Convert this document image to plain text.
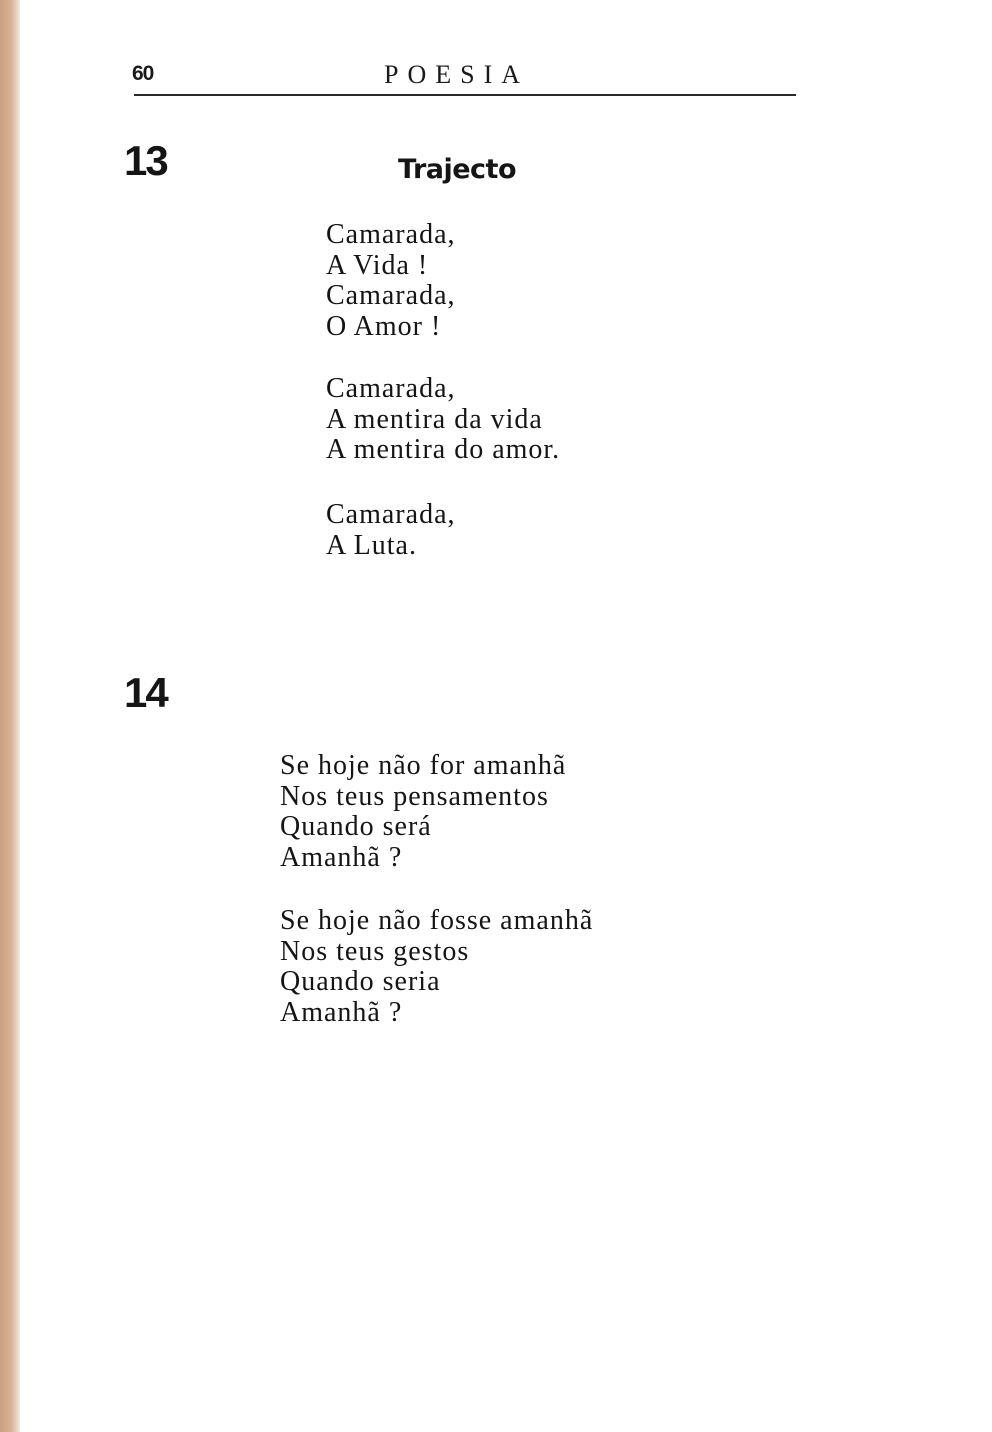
60	POESIA
13	Trajecto
Camarada,
A Vida !
Camarada,
O Amor !
Camarada,
A mentira da vida
A mentira do amor.
Camarada,
A Luta.
14
Se hoje não for amanhã
Nos teus pensamentos
Quando será
Amanhã ?
Se hoje não fosse amanhã
Nos teus gestos
Quando seria
Amanhã ?
